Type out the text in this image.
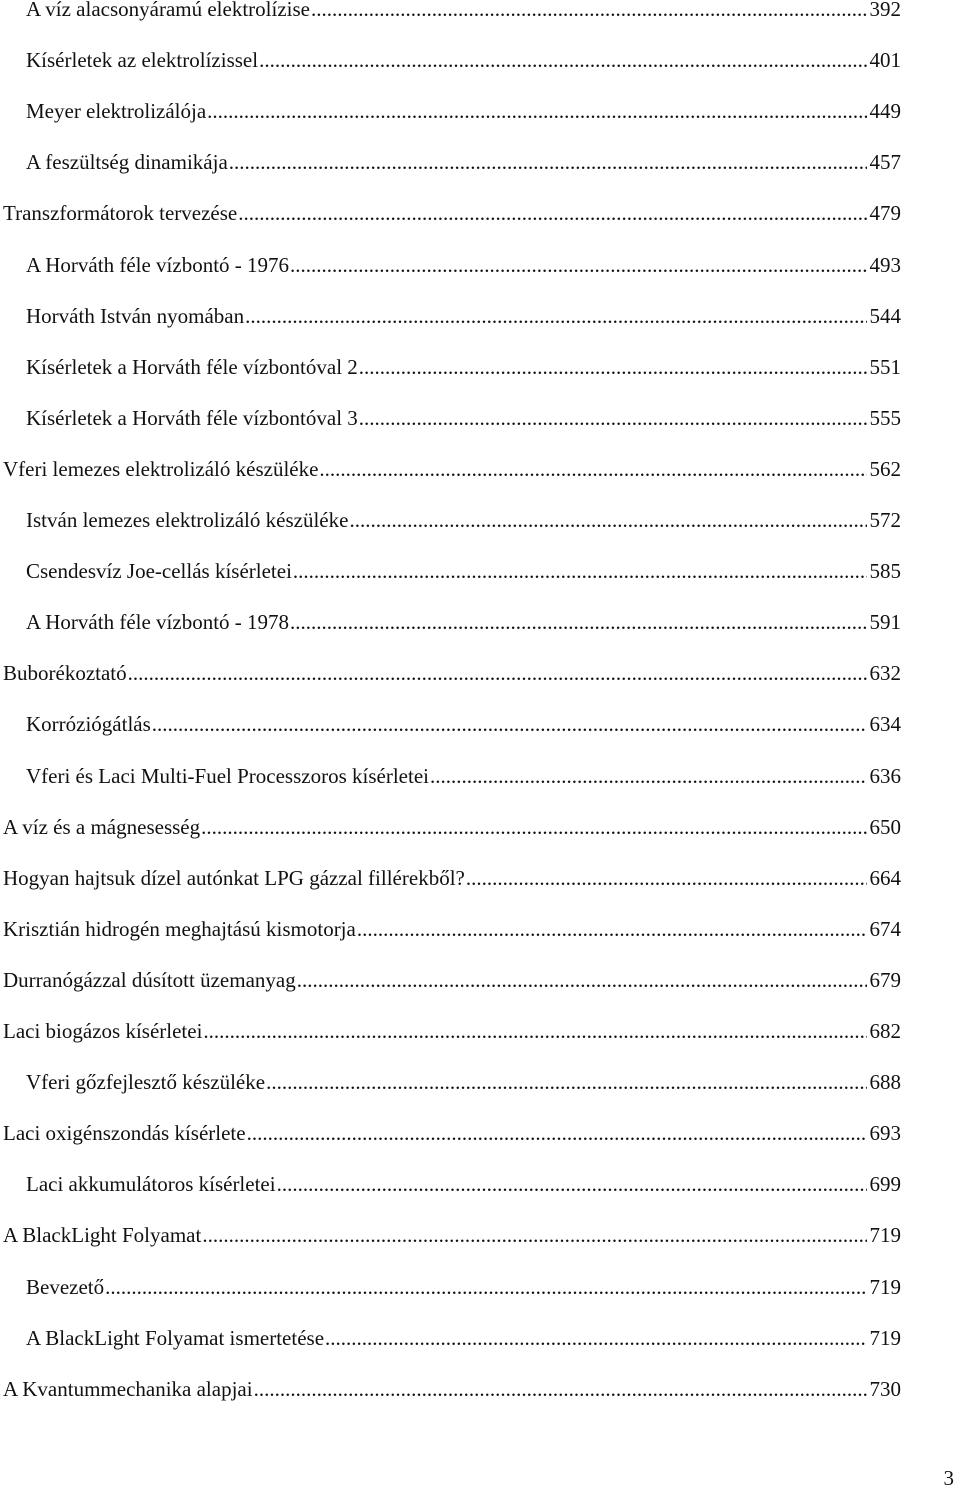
A víz alacsonyáramú elektrolízise .....	392
Kísérletek az elektrolízissel .....	401
Meyer elektrolizálója .....	449
A feszültség dinamikája .....	457
Transzformátorok tervezése .....	479
A Horváth féle vízbontó - 1976 .....	493
Horváth István nyomában .....	544
Kísérletek a Horváth féle vízbontóval 2 .....	551
Kísérletek a Horváth féle vízbontóval 3 .....	555
Vferi lemezes elektrolizáló készüléke .....	562
István lemezes elektrolizáló készüléke .....	572
Csendesvíz Joe-cellás kísérletei .....	585
A Horváth féle vízbontó - 1978 .....	591
Buborékoztató .....	632
Korróziógátlás .....	634
Vferi és Laci Multi-Fuel Processzoros kísérletei .....	636
A víz és a mágnesesség .....	650
Hogyan hajtsuk dízel autónkat LPG gázzal fillérekből? .....	664
Krisztián hidrogén meghajtású kismotorja .....	674
Durranógázzal dúsított üzemanyag .....	679
Laci biogázos kísérletei .....	682
Vferi gőzfejlesztő készüléke .....	688
Laci oxigénszondás kísérlete .....	693
Laci akkumulátoros kísérletei .....	699
A BlackLight Folyamat .....	719
Bevezető .....	719
A BlackLight Folyamat ismertetése .....	719
A Kvantummechanika alapjai .....	730
3
